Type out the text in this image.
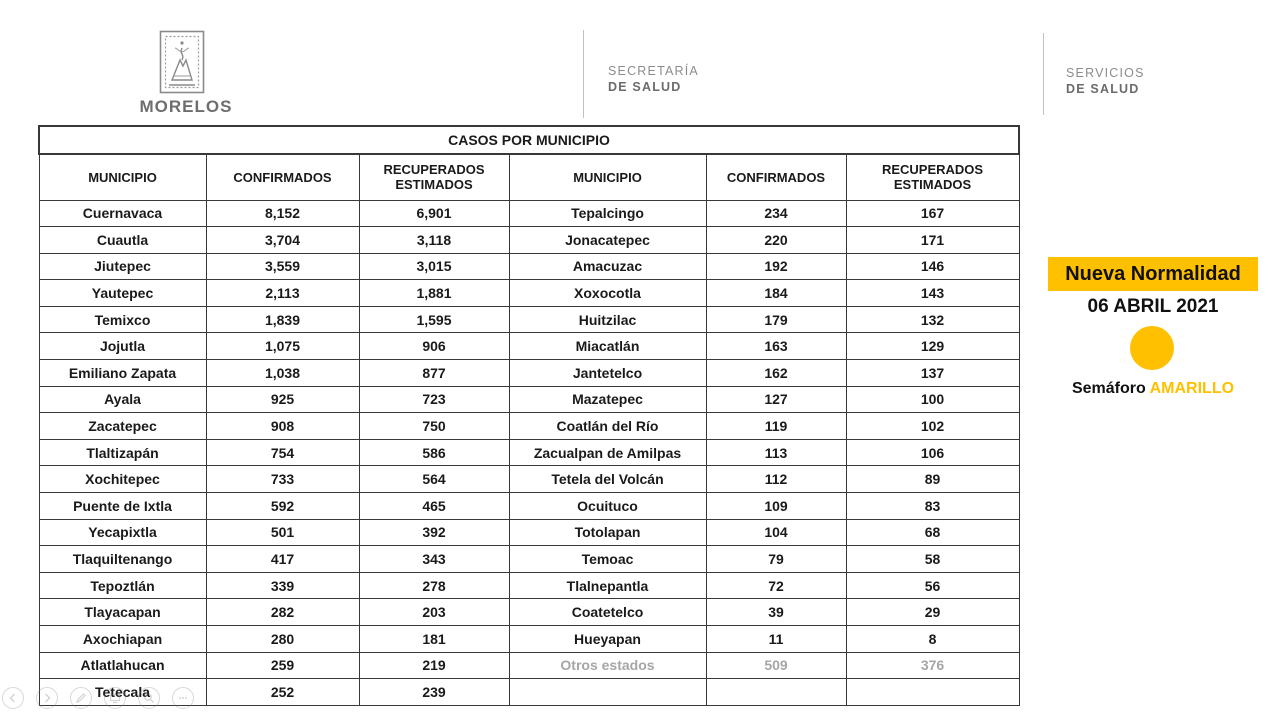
MORELOS
SECRETARÍA
DE SALUD
SERVICIOS
DE SALUD
CASOS POR MUNICIPIO					
MUNICIPIO	CONFIRMADOS	RECUPERADOS ESTIMADOS	MUNICIPIO	CONFIRMADOS	RECUPERADOS ESTIMADOS
Cuernavaca	8,152	6,901	Tepalcingo	234	167
Cuautla	3,704	3,118	Jonacatepec	220	171
Jiutepec	3,559	3,015	Amacuzac	192	146
Yautepec	2,113	1,881	Xoxocotla	184	143
Temixco	1,839	1,595	Huitzilac	179	132
Jojutla	1,075	906	Miacatlán	163	129
Emiliano Zapata	1,038	877	Jantetelco	162	137
Ayala	925	723	Mazatepec	127	100
Zacatepec	908	750	Coatlán del Río	119	102
Tlaltizapán	754	586	Zacualpan de Amilpas	113	106
Xochitepec	733	564	Tetela del Volcán	112	89
Puente de Ixtla	592	465	Ocuituco	109	83
Yecapixtla	501	392	Totolapan	104	68
Tlaquiltenango	417	343	Temoac	79	58
Tepoztlán	339	278	Tlalnepantla	72	56
Tlayacapan	282	203	Coatetelco	39	29
Axochiapan	280	181	Hueyapan	11	8
Atlatlahucan	259	219	Otros estados	509	376
Tetecala	252	239			
Nueva Normalidad
06 ABRIL 2021
Semáforo AMARILLO
